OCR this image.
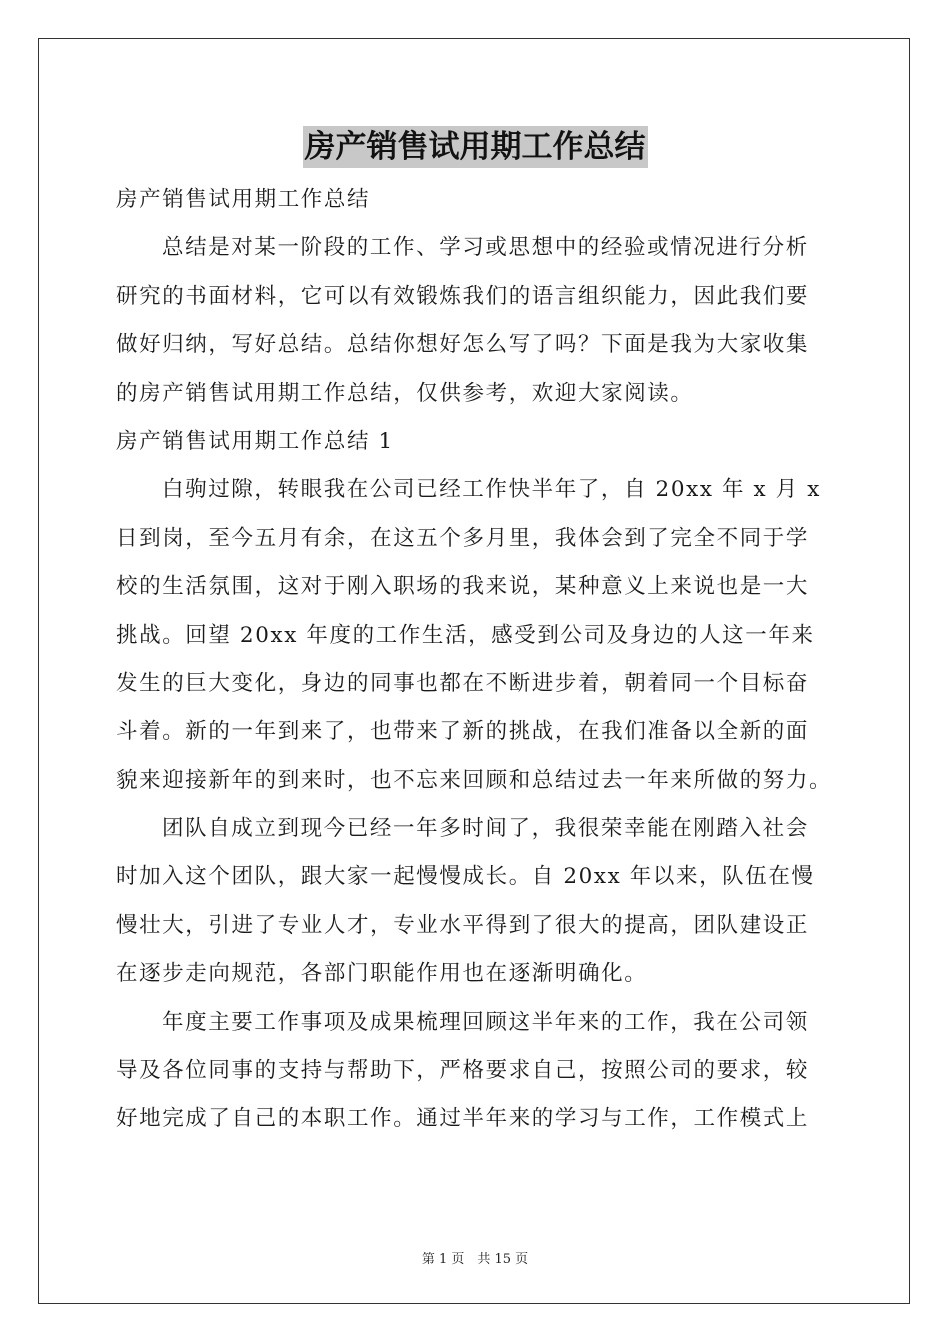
房产销售试用期工作总结
房产销售试用期工作总结
总结是对某一阶段的工作、学习或思想中的经验或情况进行分析
研究的书面材料，它可以有效锻炼我们的语言组织能力，因此我们要
做好归纳，写好总结。总结你想好怎么写了吗？下面是我为大家收集
的房产销售试用期工作总结，仅供参考，欢迎大家阅读。
房产销售试用期工作总结 1
白驹过隙，转眼我在公司已经工作快半年了，自 20xx 年 x 月 x
日到岗，至今五月有余，在这五个多月里，我体会到了完全不同于学
校的生活氛围，这对于刚入职场的我来说，某种意义上来说也是一大
挑战。回望 20xx 年度的工作生活，感受到公司及身边的人这一年来
发生的巨大变化，身边的同事也都在不断进步着，朝着同一个目标奋
斗着。新的一年到来了，也带来了新的挑战，在我们准备以全新的面
貌来迎接新年的到来时，也不忘来回顾和总结过去一年来所做的努力。
团队自成立到现今已经一年多时间了，我很荣幸能在刚踏入社会
时加入这个团队，跟大家一起慢慢成长。自 20xx 年以来，队伍在慢
慢壮大，引进了专业人才，专业水平得到了很大的提高，团队建设正
在逐步走向规范，各部门职能作用也在逐渐明确化。
年度主要工作事项及成果梳理回顾这半年来的工作，我在公司领
导及各位同事的支持与帮助下，严格要求自己，按照公司的要求，较
好地完成了自己的本职工作。通过半年来的学习与工作，工作模式上
第 1 页　共 15 页
